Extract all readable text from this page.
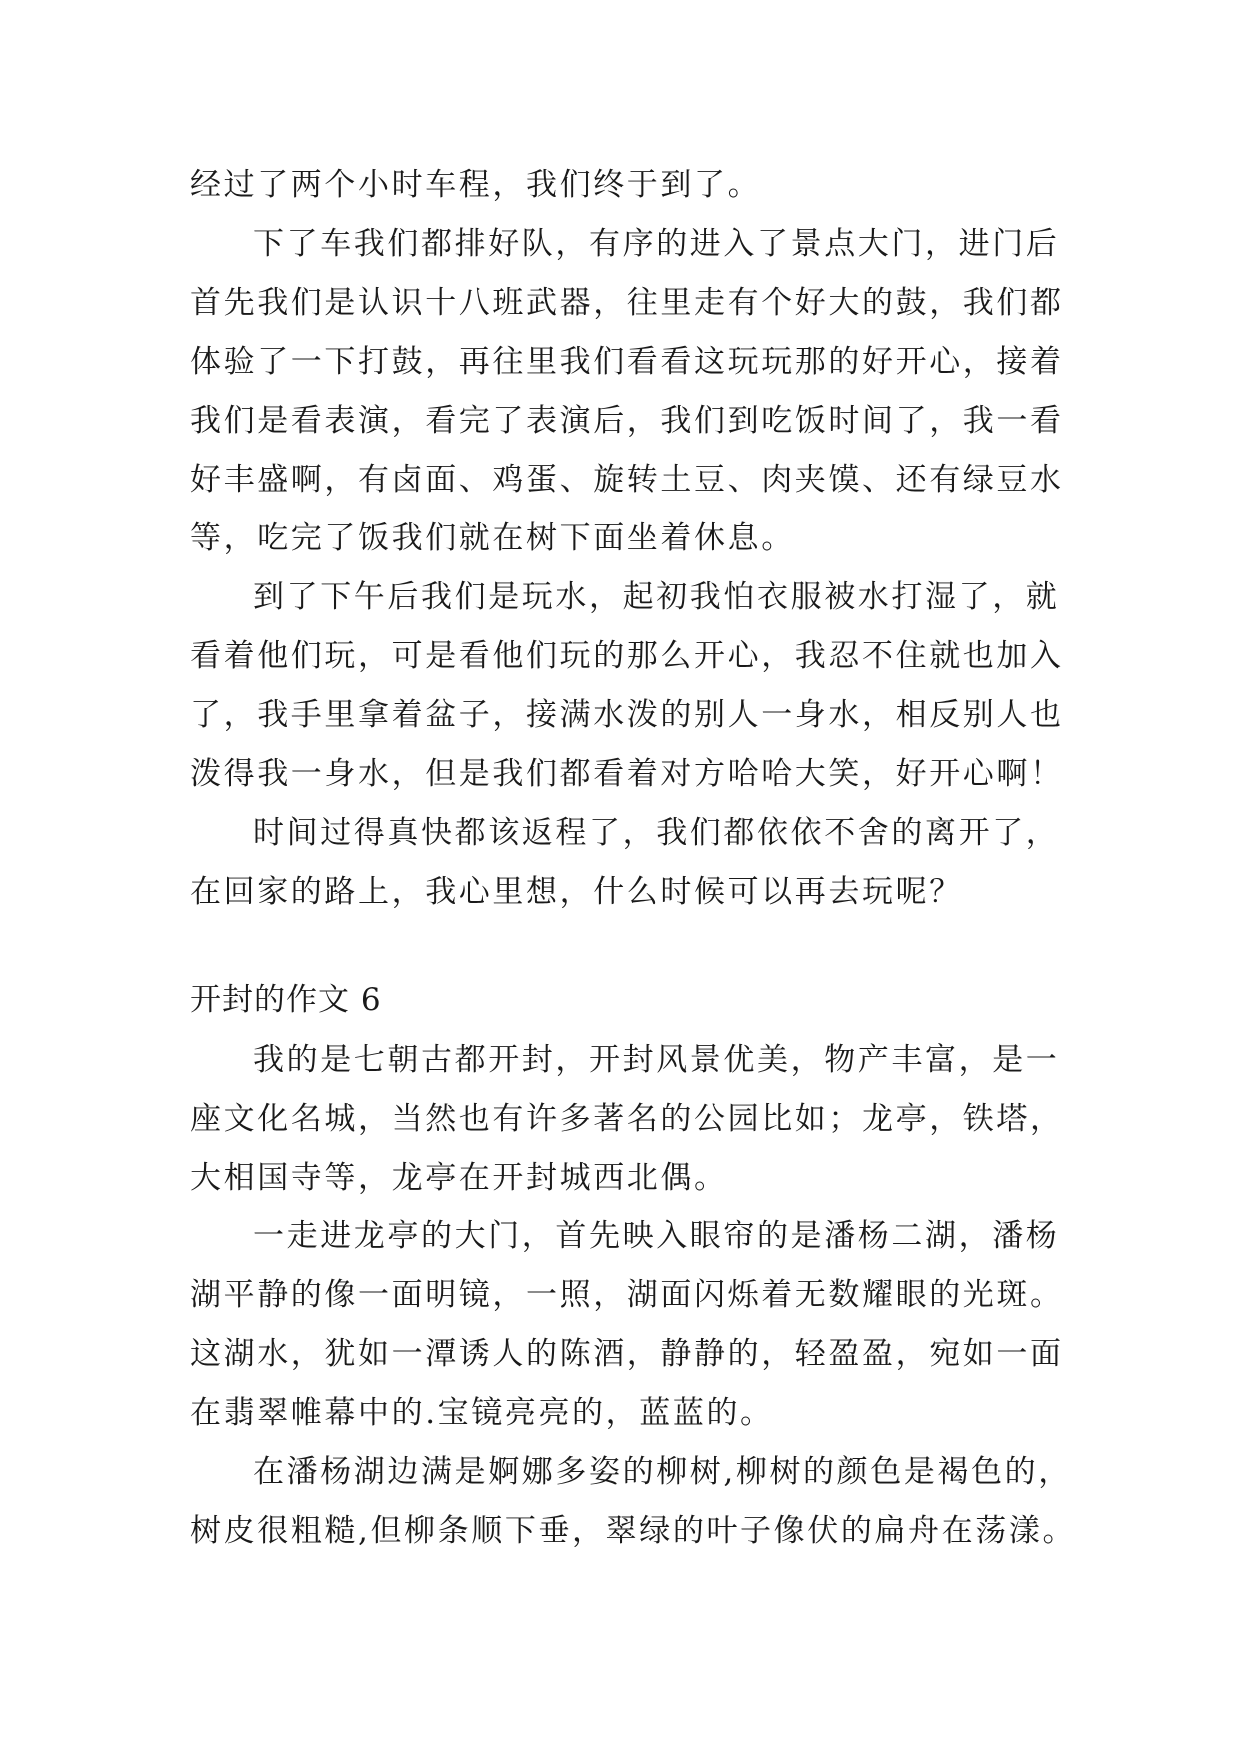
经过了两个小时车程，我们终于到了。
下了车我们都排好队，有序的进入了景点大门，进门后
首先我们是认识十八班武器，往里走有个好大的鼓，我们都
体验了一下打鼓，再往里我们看看这玩玩那的好开心，接着
我们是看表演，看完了表演后，我们到吃饭时间了，我一看
好丰盛啊，有卤面、鸡蛋、旋转土豆、肉夹馍、还有绿豆水
等，吃完了饭我们就在树下面坐着休息。
到了下午后我们是玩水，起初我怕衣服被水打湿了，就
看着他们玩，可是看他们玩的那么开心，我忍不住就也加入
了，我手里拿着盆子，接满水泼的别人一身水，相反别人也
泼得我一身水，但是我们都看着对方哈哈大笑，好开心啊！
时间过得真快都该返程了，我们都依依不舍的离开了，
在回家的路上，我心里想，什么时候可以再去玩呢？
开封的作文 6
我的是七朝古都开封，开封风景优美，物产丰富，是一
座文化名城，当然也有许多著名的公园比如；龙亭，铁塔，
大相国寺等，龙亭在开封城西北偶。
一走进龙亭的大门，首先映入眼帘的是潘杨二湖，潘杨
湖平静的像一面明镜，一照，湖面闪烁着无数耀眼的光斑。
这湖水，犹如一潭诱人的陈酒，静静的，轻盈盈，宛如一面
在翡翠帷幕中的.宝镜亮亮的，蓝蓝的。
在潘杨湖边满是婀娜多姿的柳树,柳树的颜色是褐色的，
树皮很粗糙,但柳条顺下垂，翠绿的叶子像伏的扁舟在荡漾。
